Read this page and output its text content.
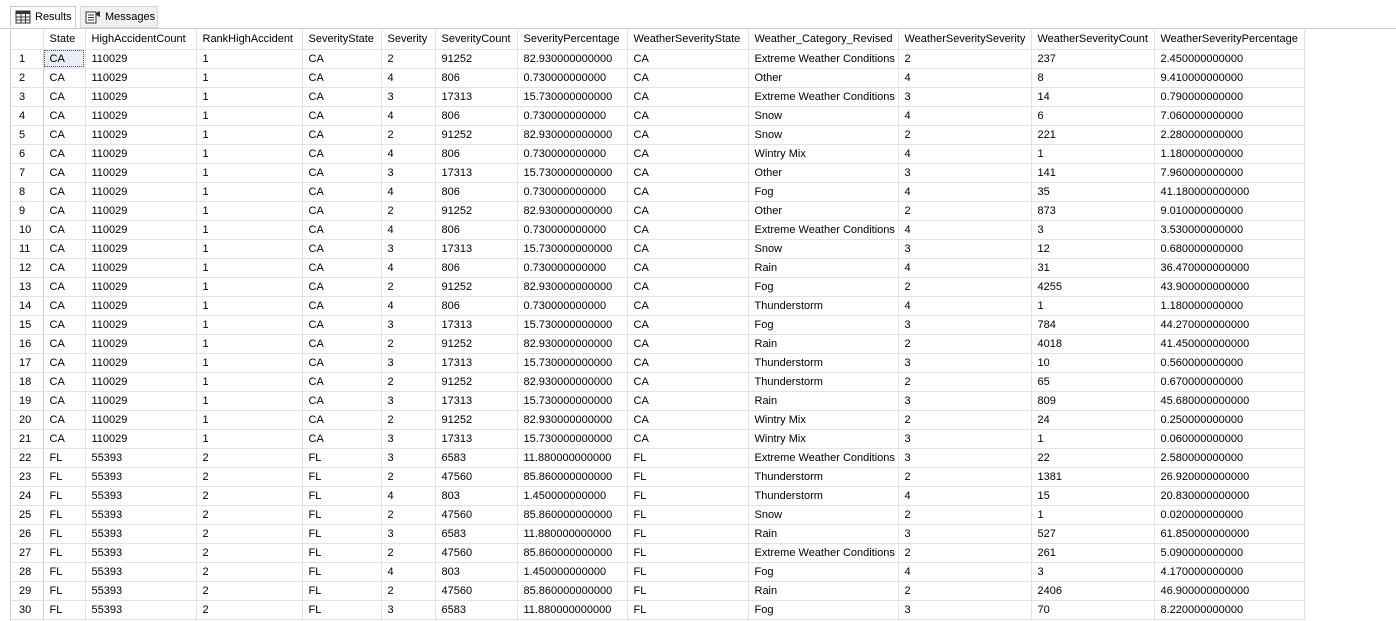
Results	Messages
	State	HighAccidentCount	RankHighAccident	SeverityState	Severity	SeverityCount	SeverityPercentage	WeatherSeverityState	Weather_Category_Revised	WeatherSeveritySeverity	WeatherSeverityCount	WeatherSeverityPercentage
1	CA	110029	1	CA	2	91252	82.930000000000	CA	Extreme Weather Conditions	2	237	2.450000000000
2	CA	110029	1	CA	4	806	0.730000000000	CA	Other	4	8	9.410000000000
3	CA	110029	1	CA	3	17313	15.730000000000	CA	Extreme Weather Conditions	3	14	0.790000000000
4	CA	110029	1	CA	4	806	0.730000000000	CA	Snow	4	6	7.060000000000
5	CA	110029	1	CA	2	91252	82.930000000000	CA	Snow	2	221	2.280000000000
6	CA	110029	1	CA	4	806	0.730000000000	CA	Wintry Mix	4	1	1.180000000000
7	CA	110029	1	CA	3	17313	15.730000000000	CA	Other	3	141	7.960000000000
8	CA	110029	1	CA	4	806	0.730000000000	CA	Fog	4	35	41.180000000000
9	CA	110029	1	CA	2	91252	82.930000000000	CA	Other	2	873	9.010000000000
10	CA	110029	1	CA	4	806	0.730000000000	CA	Extreme Weather Conditions	4	3	3.530000000000
11	CA	110029	1	CA	3	17313	15.730000000000	CA	Snow	3	12	0.680000000000
12	CA	110029	1	CA	4	806	0.730000000000	CA	Rain	4	31	36.470000000000
13	CA	110029	1	CA	2	91252	82.930000000000	CA	Fog	2	4255	43.900000000000
14	CA	110029	1	CA	4	806	0.730000000000	CA	Thunderstorm	4	1	1.180000000000
15	CA	110029	1	CA	3	17313	15.730000000000	CA	Fog	3	784	44.270000000000
16	CA	110029	1	CA	2	91252	82.930000000000	CA	Rain	2	4018	41.450000000000
17	CA	110029	1	CA	3	17313	15.730000000000	CA	Thunderstorm	3	10	0.560000000000
18	CA	110029	1	CA	2	91252	82.930000000000	CA	Thunderstorm	2	65	0.670000000000
19	CA	110029	1	CA	3	17313	15.730000000000	CA	Rain	3	809	45.680000000000
20	CA	110029	1	CA	2	91252	82.930000000000	CA	Wintry Mix	2	24	0.250000000000
21	CA	110029	1	CA	3	17313	15.730000000000	CA	Wintry Mix	3	1	0.060000000000
22	FL	55393	2	FL	3	6583	11.880000000000	FL	Extreme Weather Conditions	3	22	2.580000000000
23	FL	55393	2	FL	2	47560	85.860000000000	FL	Thunderstorm	2	1381	26.920000000000
24	FL	55393	2	FL	4	803	1.450000000000	FL	Thunderstorm	4	15	20.830000000000
25	FL	55393	2	FL	2	47560	85.860000000000	FL	Snow	2	1	0.020000000000
26	FL	55393	2	FL	3	6583	11.880000000000	FL	Rain	3	527	61.850000000000
27	FL	55393	2	FL	2	47560	85.860000000000	FL	Extreme Weather Conditions	2	261	5.090000000000
28	FL	55393	2	FL	4	803	1.450000000000	FL	Fog	4	3	4.170000000000
29	FL	55393	2	FL	2	47560	85.860000000000	FL	Rain	2	2406	46.900000000000
30	FL	55393	2	FL	3	6583	11.880000000000	FL	Fog	3	70	8.220000000000
